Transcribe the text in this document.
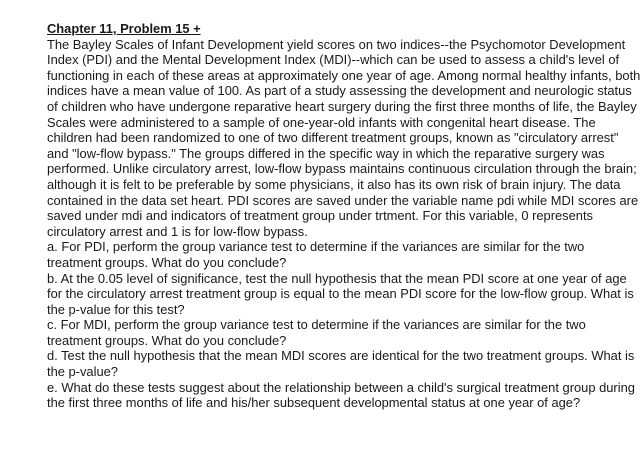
Chapter 11, Problem 15 +

The Bayley Scales of Infant Development yield scores on two indices--the Psychomotor Development Index (PDI) and the Mental Development Index (MDI)--which can be used to assess a child's level of functioning in each of these areas at approximately one year of age. Among normal healthy infants, both indices have a mean value of 100. As part of a study assessing the development and neurologic status of children who have undergone reparative heart surgery during the first three months of life, the Bayley Scales were administered to a sample of one-year-old infants with congenital heart disease. The children had been randomized to one of two different treatment groups, known as "circulatory arrest" and "low-flow bypass." The groups differed in the specific way in which the reparative surgery was performed. Unlike circulatory arrest, low-flow bypass maintains continuous circulation through the brain; although it is felt to be preferable by some physicians, it also has its own risk of brain injury. The data contained in the data set heart. PDI scores are saved under the variable name pdi while MDI scores are saved under mdi and indicators of treatment group under trtment. For this variable, 0 represents circulatory arrest and 1 is for low-flow bypass.

a. For PDI, perform the group variance test to determine if the variances are similar for the two treatment groups. What do you conclude?

b. At the 0.05 level of significance, test the null hypothesis that the mean PDI score at one year of age for the circulatory arrest treatment group is equal to the mean PDI score for the low-flow group. What is the p-value for this test?

c. For MDI, perform the group variance test to determine if the variances are similar for the two treatment groups. What do you conclude?

d. Test the null hypothesis that the mean MDI scores are identical for the two treatment groups. What is the p-value?

e. What do these tests suggest about the relationship between a child's surgical treatment group during the first three months of life and his/her subsequent developmental status at one year of age?
